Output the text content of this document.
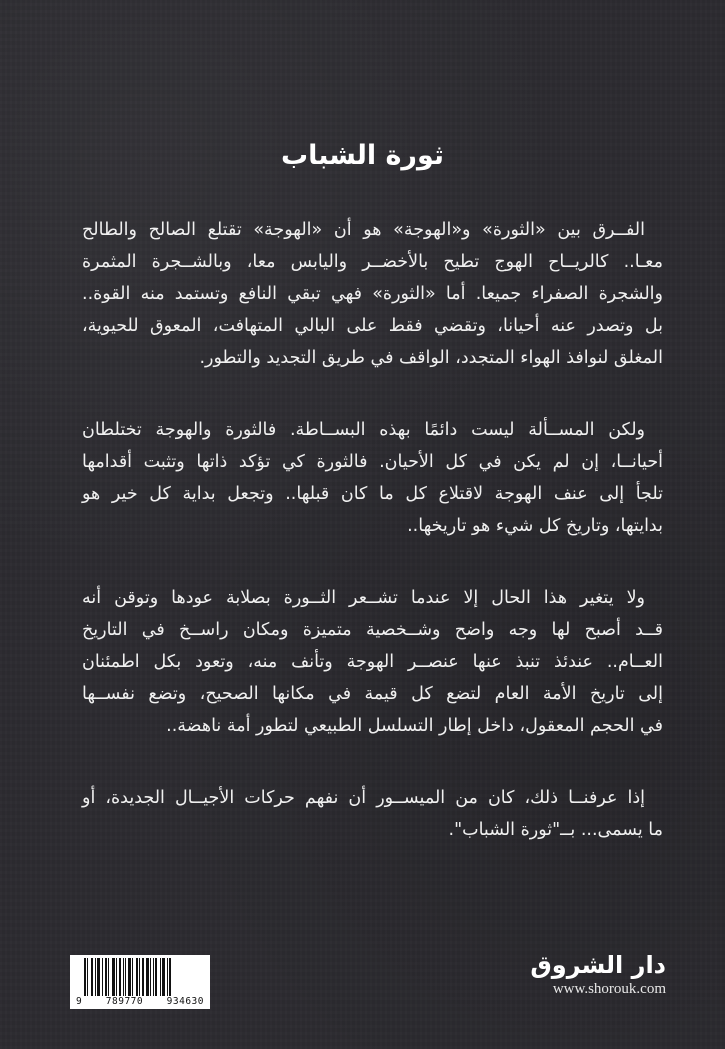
ثورة الشباب

الفــرق بين «الثورة» و«الهوجة» هو أن «الهوجة» تقتلع الصالح والطالح
معـا.. كالريــاح الهوج تطيح بالأخضــر واليابس معا، وبالشــجرة المثمرة
والشجرة الصفراء جميعا. أما «الثورة» فهي تبقي النافع وتستمد منه القوة..
بل وتصدر عنه أحيانا، وتقضي فقط على البالي المتهافت، المعوق للحيوية،
المغلق لنوافذ الهواء المتجدد، الواقف في طريق التجديد والتطور.

ولكن المســألة ليست دائمًا بهذه البســاطة. فالثورة والهوجة تختلطان
أحيانــا، إن لم يكن في كل الأحيان. فالثورة كي تؤكد ذاتها وتثبت أقدامها
تلجأ إلى عنف الهوجة لاقتلاع كل ما كان قبلها.. وتجعل بداية كل خير هو
بدايتها، وتاريخ كل شيء هو تاريخها..

ولا يتغير هذا الحال إلا عندما تشــعر الثــورة بصلابة عودها وتوقن أنه
قــد أصبح لها وجه واضح وشــخصية متميزة ومكان راســخ في التاريخ
العــام.. عندئذ تنبذ عنها عنصــر الهوجة وتأنف منه، وتعود بكل اطمئنان
إلى تاريخ الأمة العام لتضع كل قيمة في مكانها الصحيح، وتضع نفســها
في الحجم المعقول، داخل إطار التسلسل الطبيعي لتطور أمة ناهضة..

إذا عرفنــا ذلك، كان من الميســور أن نفهم حركات الأجيــال الجديدة، أو
ما يسمى... بــ"ثورة الشباب".

9 789770 934630
دار الشروق
www.shorouk.com
